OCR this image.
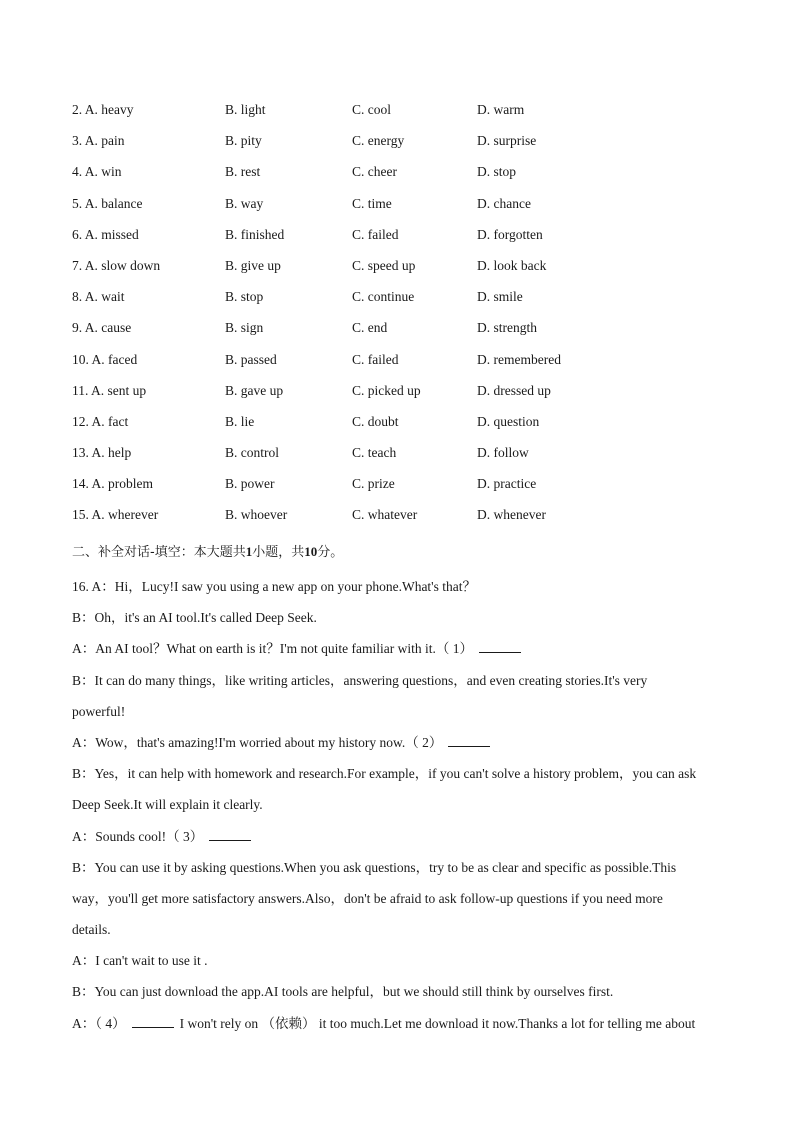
2. A. heavy	B. light	C. cool	D. warm
3. A. pain	B. pity	C. energy	D. surprise
4. A. win	B. rest	C. cheer	D. stop
5. A. balance	B. way	C. time	D. chance
6. A. missed	B. finished	C. failed	D. forgotten
7. A. slow down	B. give up	C. speed up	D. look back
8. A. wait	B. stop	C. continue	D. smile
9. A. cause	B. sign	C. end	D. strength
10. A. faced	B. passed	C. failed	D. remembered
11. A. sent up	B. gave up	C. picked up	D. dressed up
12. A. fact	B. lie	C. doubt	D. question
13. A. help	B. control	C. teach	D. follow
14. A. problem	B. power	C. prize	D. practice
15. A. wherever	B. whoever	C. whatever	D. whenever
二、补全对话-填空：本大题共1小题，共10分。
16. A：Hi，Lucy!I saw you using a new app on your phone.What's that？
B：Oh，it's an AI tool.It's called Deep Seek.
A：An AI tool？What on earth is it？I'm not quite familiar with it.（ 1）
B：It can do many things，like writing articles，answering questions，and even creating stories.It's very
powerful!
A：Wow，that's amazing!I'm worried about my history now.（ 2）
B：Yes，it can help with homework and research.For example，if you can't solve a history problem，you can ask
Deep Seek.It will explain it clearly.
A：Sounds cool!（ 3）
B：You can use it by asking questions.When you ask questions，try to be as clear and specific as possible.This
way，you'll get more satisfactory answers.Also，don't be afraid to ask follow-up questions if you need more
details.
A：I can't wait to use it .
B：You can just download the app.AI tools are helpful，but we should still think by ourselves first.
A：（ 4）	I won't rely on （依赖） it too much.Let me download it now.Thanks a lot for telling me about
